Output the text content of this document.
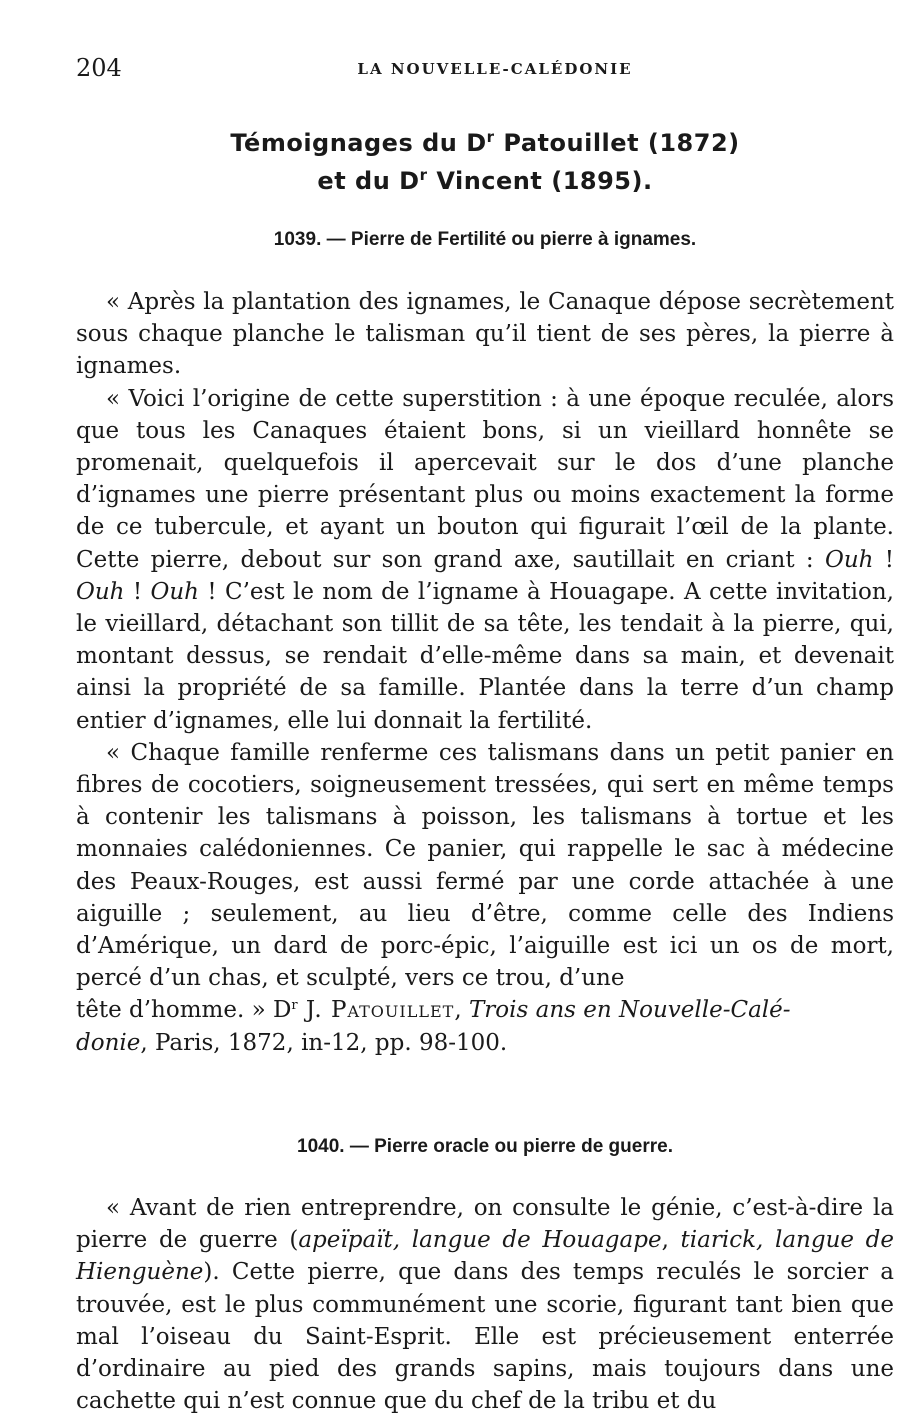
204	LA NOUVELLE-CALÉDONIE
Témoignages du $D^r$ Patouillet (1872)
et du $D^r$ Vincent (1895).
1039. — Pierre de Fertilité ou pierre à ignames.

« Après la plantation des ignames, le Canaque dépose secrètement sous chaque planche le talisman qu’il tient de ses pères, la pierre à ignames.

« Voici l’origine de cette superstition : à une époque reculée, alors que tous les Canaques étaient bons, si un vieillard honnête se promenait, quelquefois il apercevait sur le dos d’une planche d’ignames une pierre présentant plus ou moins exactement la forme de ce tubercule, et ayant un bouton qui figurait l’œil de la plante. Cette pierre, debout sur son grand axe, sautillait en criant : Ouh ! Ouh ! Ouh ! C’est le nom de l’igname à Houagape. A cette invitation, le vieillard, détachant son tillit de sa tête, les tendait à la pierre, qui, montant dessus, se rendait d’elle-même dans sa main, et devenait ainsi la propriété de sa famille. Plantée dans la terre d’un champ entier d’ignames, elle lui donnait la fertilité.

« Chaque famille renferme ces talismans dans un petit panier en fibres de cocotiers, soigneusement tressées, qui sert en même temps à contenir les talismans à poisson, les talismans à tortue et les monnaies calédoniennes. Ce panier, qui rappelle le sac à médecine des Peaux-Rouges, est aussi fermé par une corde attachée à une aiguille ; seulement, au lieu d’être, comme celle des Indiens d’Amérique, un dard de porc-épic, l’aiguille est ici un os de mort, percé d’un chas, et sculpté, vers ce trou, d’une

tête d’homme. » $D^r$ J. Patouillet, Trois ans en Nouvelle-Calé-
donie, Paris, 1872, in-12, pp. 98-100.
1040. — Pierre oracle ou pierre de guerre.

« Avant de rien entreprendre, on consulte le génie, c’est-à-dire la pierre de guerre (apeïpaït, langue de Houagape, tiarick, langue de Hienguène). Cette pierre, que dans des temps reculés le sorcier a trouvée, est le plus communément une scorie, figurant tant bien que mal l’oiseau du Saint-Esprit. Elle est précieusement enterrée d’ordinaire au pied des grands sapins, mais toujours dans une cachette qui n’est connue que du chef de la tribu et du
